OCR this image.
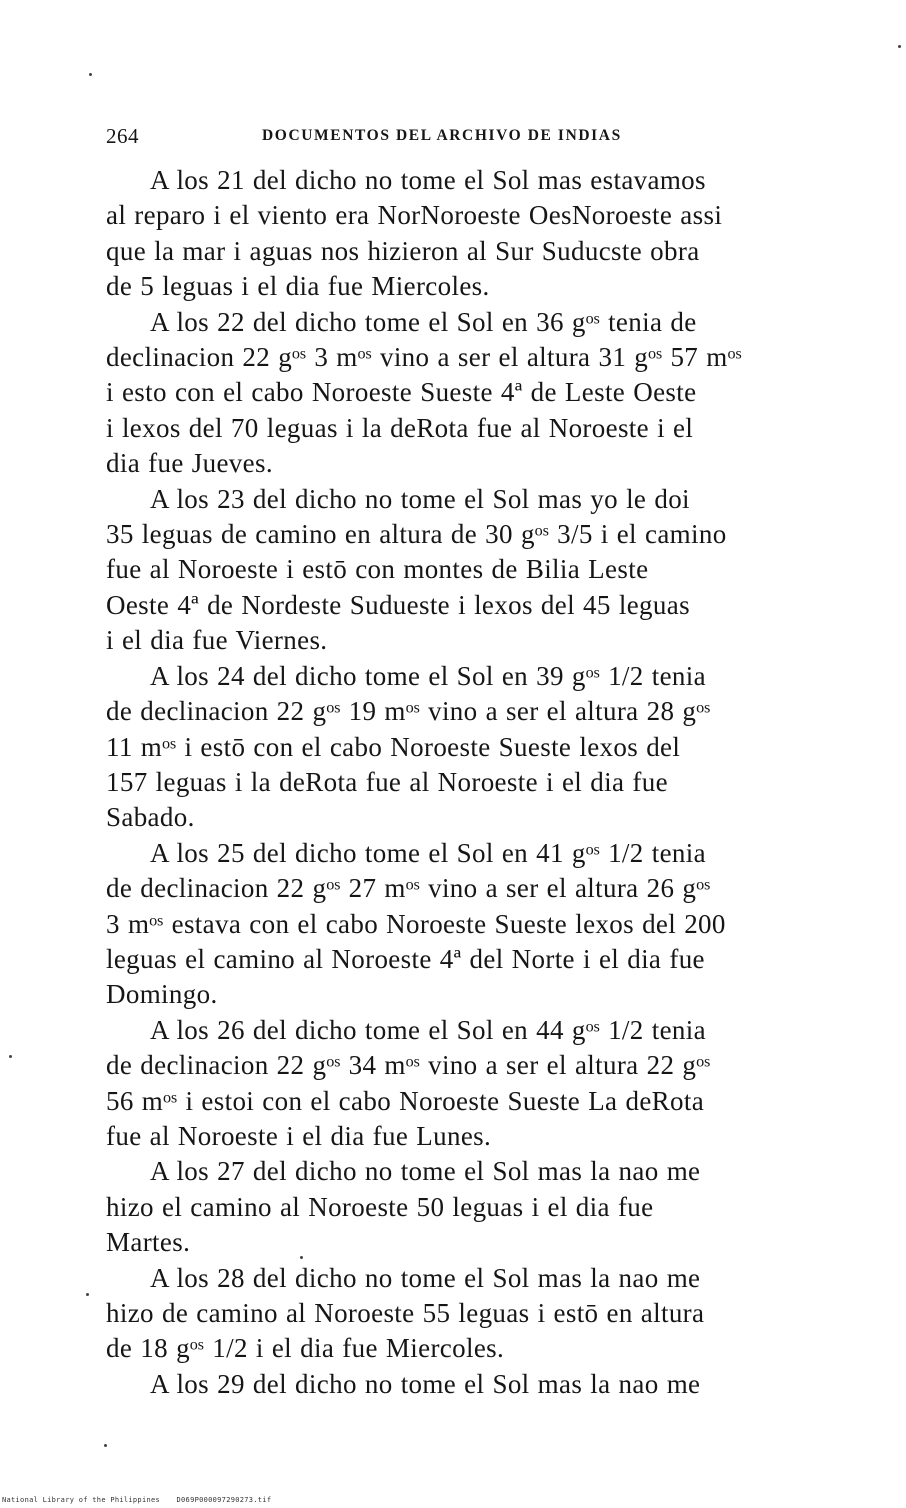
264	DOCUMENTOS DEL ARCHIVO DE INDIAS

A los 21 del dicho no tome el Sol mas estavamos
al reparo i el viento era NorNoroeste OesNoroeste assi
que la mar i aguas nos hizieron al Sur Suducste obra
de 5 leguas i el dia fue Miercoles.

A los 22 del dicho tome el Sol en 36 gᵒˢ tenia de
declinacion 22 gᵒˢ 3 mᵒˢ vino a ser el altura 31 gᵒˢ 57 mᵒˢ
i esto con el cabo Noroeste Sueste 4ª de Leste Oeste
i lexos del 70 leguas i la deRota fue al Noroeste i el
dia fue Jueves.

A los 23 del dicho no tome el Sol mas yo le doi
35 leguas de camino en altura de 30 gᵒˢ 3/5 i el camino
fue al Noroeste i estō con montes de Bilia Leste
Oeste 4ª de Nordeste Sudueste i lexos del 45 leguas
i el dia fue Viernes.

A los 24 del dicho tome el Sol en 39 gᵒˢ 1/2 tenia
de declinacion 22 gᵒˢ 19 mᵒˢ vino a ser el altura 28 gᵒˢ
11 mᵒˢ i estō con el cabo Noroeste Sueste lexos del
157 leguas i la deRota fue al Noroeste i el dia fue
Sabado.

A los 25 del dicho tome el Sol en 41 gᵒˢ 1/2 tenia
de declinacion 22 gᵒˢ 27 mᵒˢ vino a ser el altura 26 gᵒˢ
3 mᵒˢ estava con el cabo Noroeste Sueste lexos del 200
leguas el camino al Noroeste 4ª del Norte i el dia fue
Domingo.

A los 26 del dicho tome el Sol en 44 gᵒˢ 1/2 tenia
de declinacion 22 gᵒˢ 34 mᵒˢ vino a ser el altura 22 gᵒˢ
56 mᵒˢ i estoi con el cabo Noroeste Sueste La deRota
fue al Noroeste i el dia fue Lunes.

A los 27 del dicho no tome el Sol mas la nao me
hizo el camino al Noroeste 50 leguas i el dia fue
Martes.

A los 28 del dicho no tome el Sol mas la nao me
hizo de camino al Noroeste 55 leguas i estō en altura
de 18 gᵒˢ 1/2 i el dia fue Miercoles.

A los 29 del dicho no tome el Sol mas la nao me

National Library of the Philippines D069P000097290273.tif
